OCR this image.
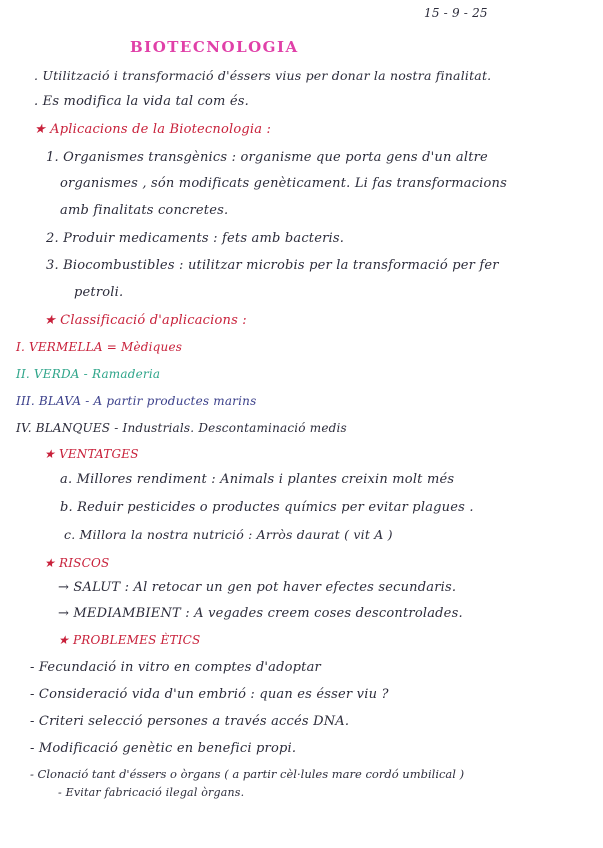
15 - 9 - 25
BIOTECNOLOGIA
. Utilització i transformació d'éssers vius per donar la nostra finalitat.
. Es modifica la vida tal com és.
★ Aplicacions de la Biotecnologia :
1. Organismes transgènics : organisme que porta gens d'un altre
organismes , són modificats genèticament. Li fas transformacions
amb finalitats concretes.
2. Produir medicaments : fets amb bacteris.
3. Biocombustibles : utilitzar microbis per la transformació per fer
petroli.
★ Classificació d'aplicacions :
I. VERMELLA = Mèdiques
II. VERDA - Ramaderia
III. BLAVA - A partir productes marins
IV. BLANQUES - Industrials. Descontaminació medis
★ VENTATGES
a. Millores rendiment : Animals i plantes creixin molt més
b. Reduir pesticides o productes químics per evitar plagues .
c. Millora la nostra nutrició : Arròs daurat ( vit A )
★ RISCOS
→ SALUT : Al retocar un gen pot haver efectes secundaris.
→ MEDIAMBIENT : A vegades creem coses descontrolades.
★ PROBLEMES ÈTICS
- Fecundació in vitro en comptes d'adoptar
- Consideració vida d'un embrió : quan es ésser viu ?
- Criteri selecció persones a través accés DNA.
- Modificació genètic en benefici propi.
- Clonació tant d'éssers o òrgans ( a partir cèl·lules mare cordó umbilical )
- Evitar fabricació ilegal òrgans.
